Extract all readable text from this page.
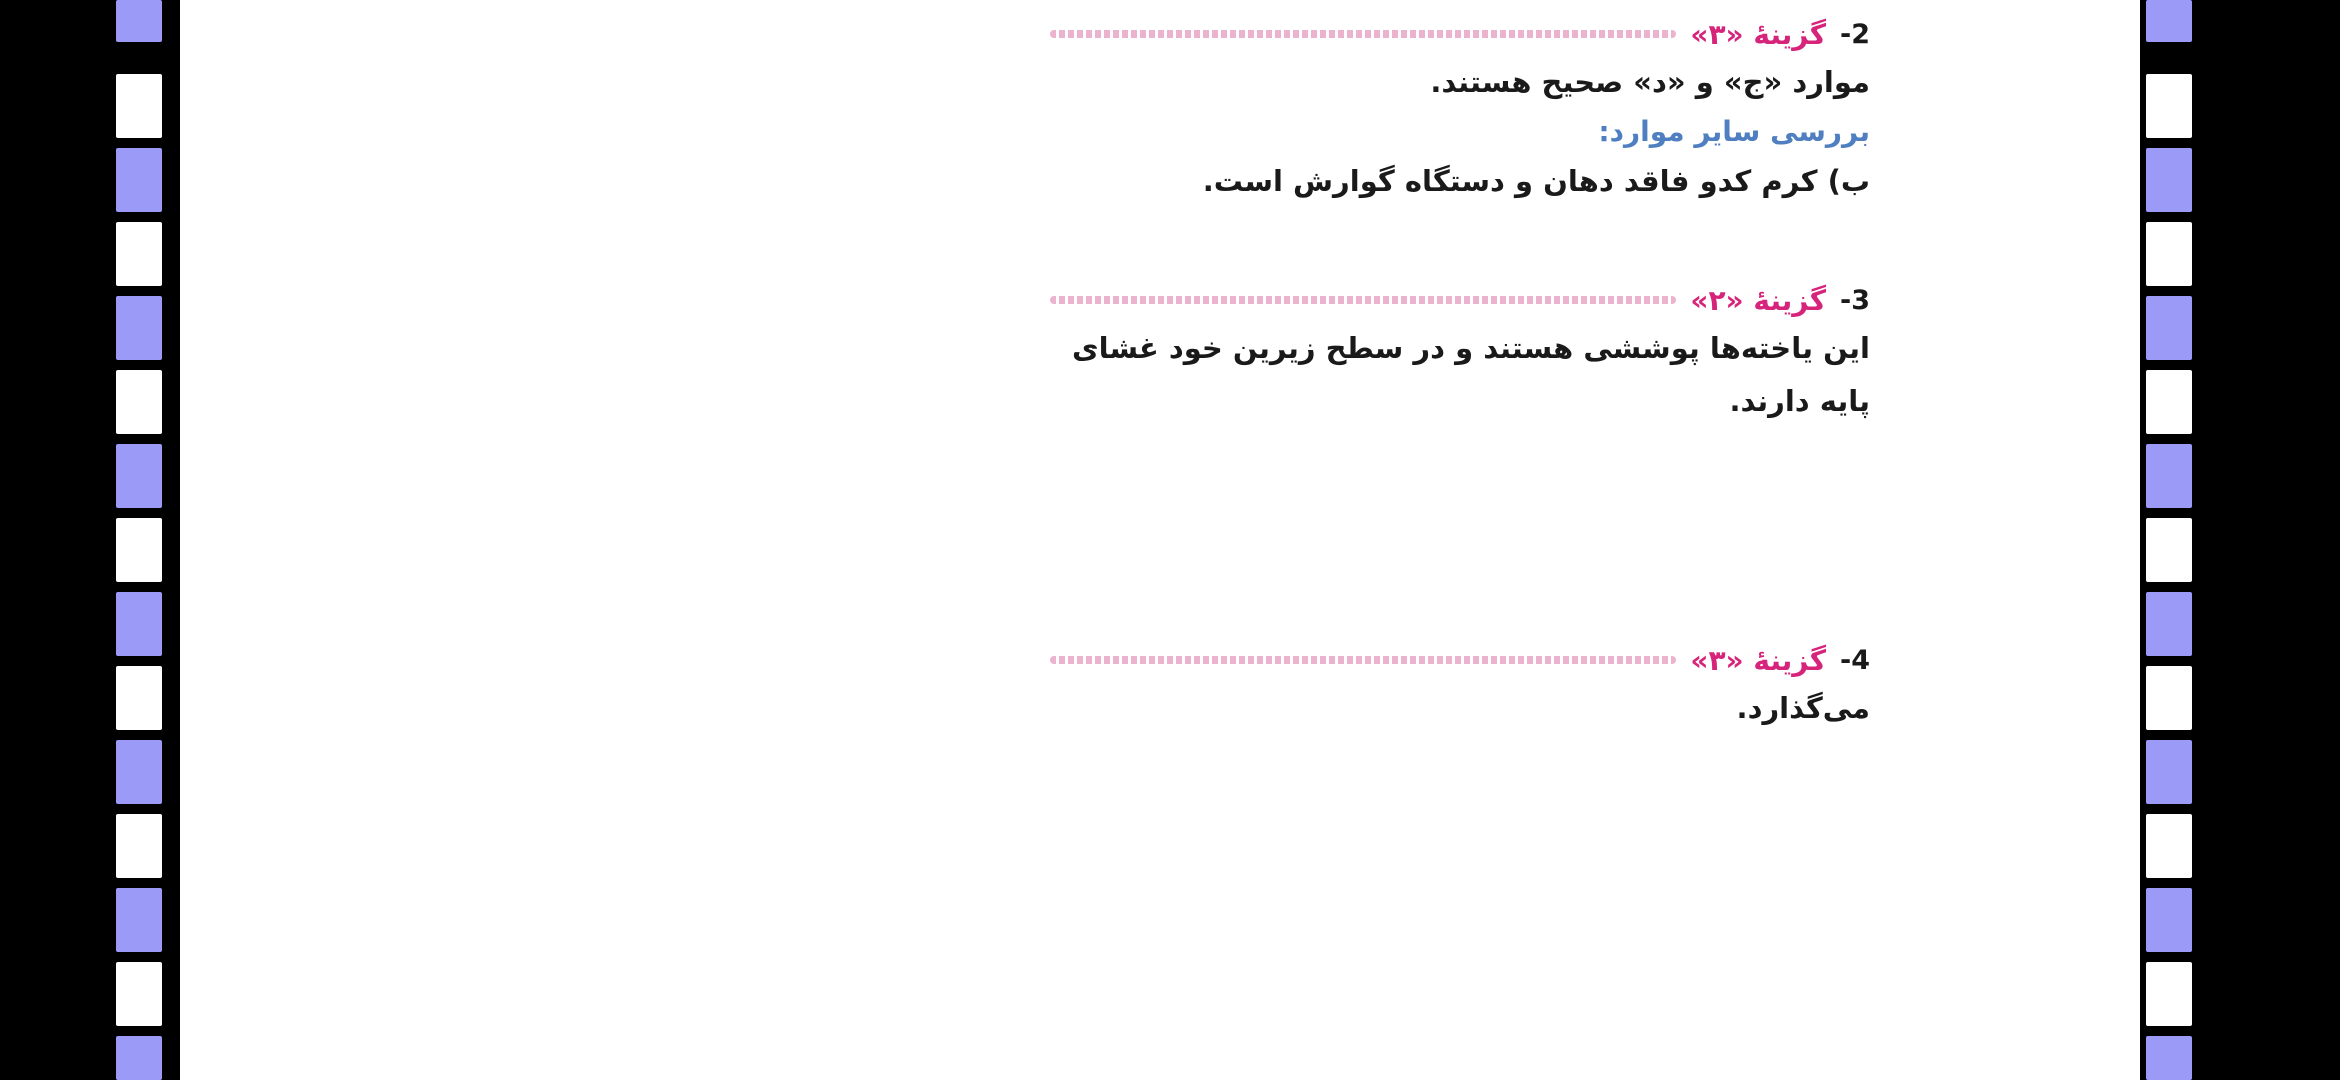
-2
گزینهٔ «۳»

موارد «ج» و «د» صحیح هستند.

بررسی سایر موارد:

ب) کرم کدو فاقد دهان و دستگاه گوارش است.

-3
گزینهٔ «۲»

این یاخته‌ها پوششی هستند و در سطح زیرین خود غشای پایه دارند.

-4
گزینهٔ «۳»

می‌گذارد.
